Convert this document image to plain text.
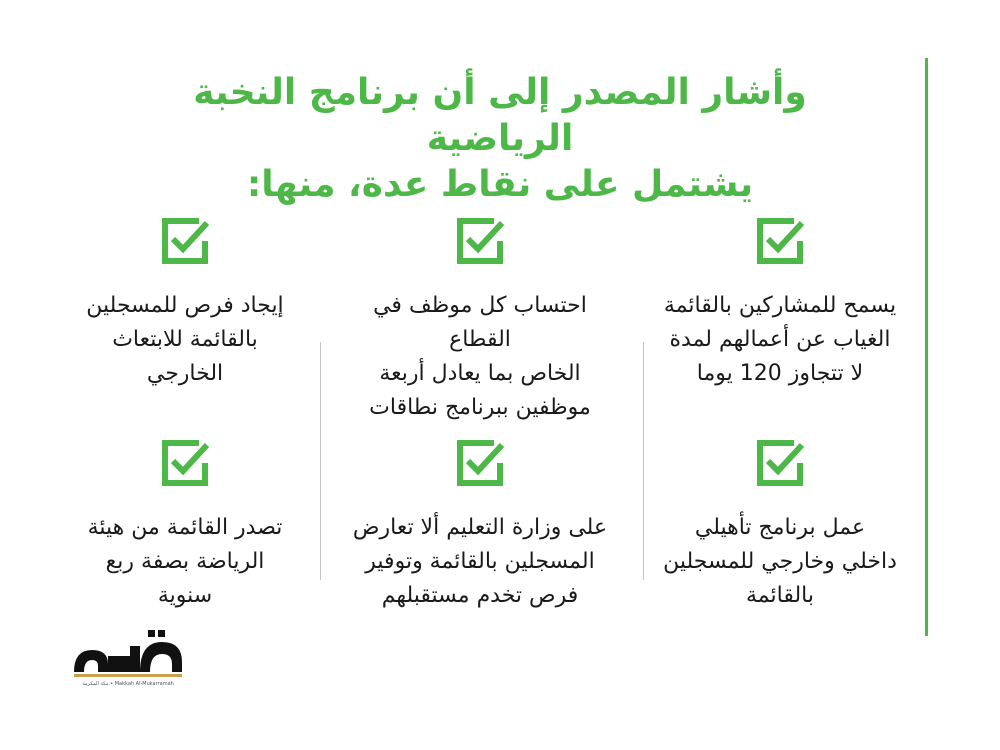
وأشار المصدر إلى أن برنامج النخبة الرياضية
يشتمل على نقاط عدة، منها:
يسمح للمشاركين بالقائمة
الغياب عن أعمالهم لمدة
لا تتجاوز 120 يوما
احتساب كل موظف في القطاع
الخاص بما يعادل أربعة
موظفين ببرنامج نطاقات
إيجاد فرص للمسجلين
بالقائمة للابتعاث
الخارجي
عمل برنامج تأهيلي
داخلي وخارجي للمسجلين
بالقائمة
على وزارة التعليم ألا تعارض
المسجلين بالقائمة وتوفير
فرص تخدم مستقبلهم
تصدر القائمة من هيئة
الرياضة بصفة ربع
سنوية
Makkah Al-Mukarramah • مكة المكرمة
